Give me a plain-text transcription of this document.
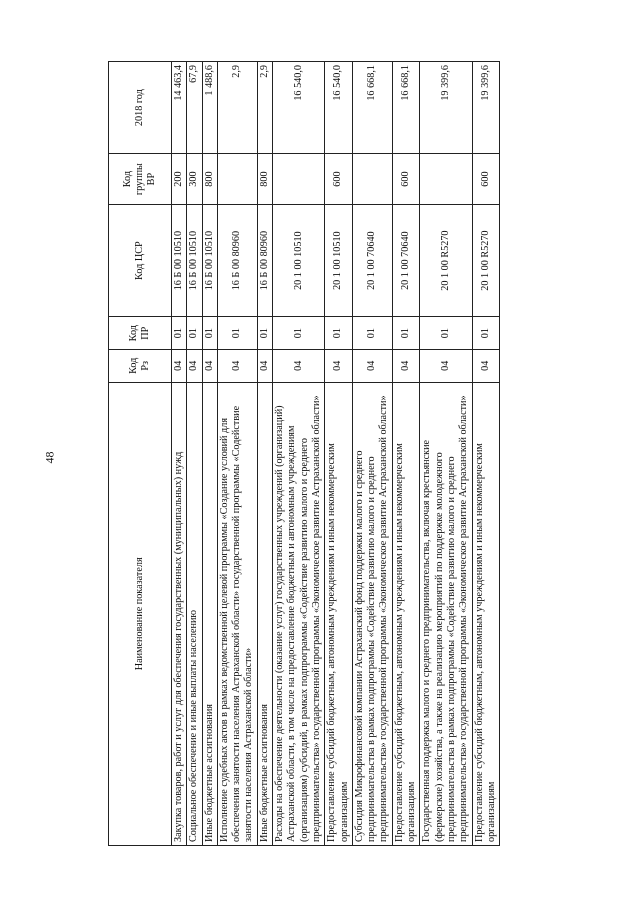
48
Наименование показателя	Код Рз	Код ПР	Код ЦСР	Код группы ВР	2018 год
Закупка товаров, работ и услуг для обеспечения государственных (муниципальных) нужд	04	01	16 Б 00 10510	200	14 463,4
Социальное обеспечение и иные выплаты населению	04	01	16 Б 00 10510	300	67,9
Иные бюджетные ассигнования	04	01	16 Б 00 10510	800	1 488,6
Исполнение судебных актов в рамках ведомственной целевой программы «Создание условий для обеспечения занятости населения Астраханской области» государственной программы «Содействие занятости населения Астраханской области»	04	01	16 Б 00 80960		2,9
Иные бюджетные ассигнования	04	01	16 Б 00 80960	800	2,9
Расходы на обеспечение деятельности (оказание услуг) государственных учреждений (организаций) Астраханской области, в том числе на предоставление бюджетным и автономным учреждениям (организациям) субсидий, в рамках подпрограммы «Содействие развитию малого и среднего предпринимательства» государственной программы «Экономическое развитие Астраханской области»	04	01	20 1 00 10510		16 540,0
Предоставление субсидий бюджетным, автономным учреждениям и иным некоммерческим организациям	04	01	20 1 00 10510	600	16 540,0
Субсидия Микрофинансовой компании Астраханский фонд поддержки малого и среднего предпринимательства в рамках подпрограммы «Содействие развитию малого и среднего предпринимательства» государственной программы «Экономическое развитие Астраханской области»	04	01	20 1 00 70640		16 668,1
Предоставление субсидий бюджетным, автономным учреждениям и иным некоммерческим организациям	04	01	20 1 00 70640	600	16 668,1
Государственная поддержка малого и среднего предпринимательства, включая крестьянские (фермерские) хозяйства, а также на реализацию мероприятий по поддержке молодежного предпринимательства в рамках подпрограммы «Содействие развитию малого и среднего предпринимательства» государственной программы «Экономическое развитие Астраханской области»	04	01	20 1 00 R5270		19 399,6
Предоставление субсидий бюджетным, автономным учреждениям и иным некоммерческим организациям	04	01	20 1 00 R5270	600	19 399,6
